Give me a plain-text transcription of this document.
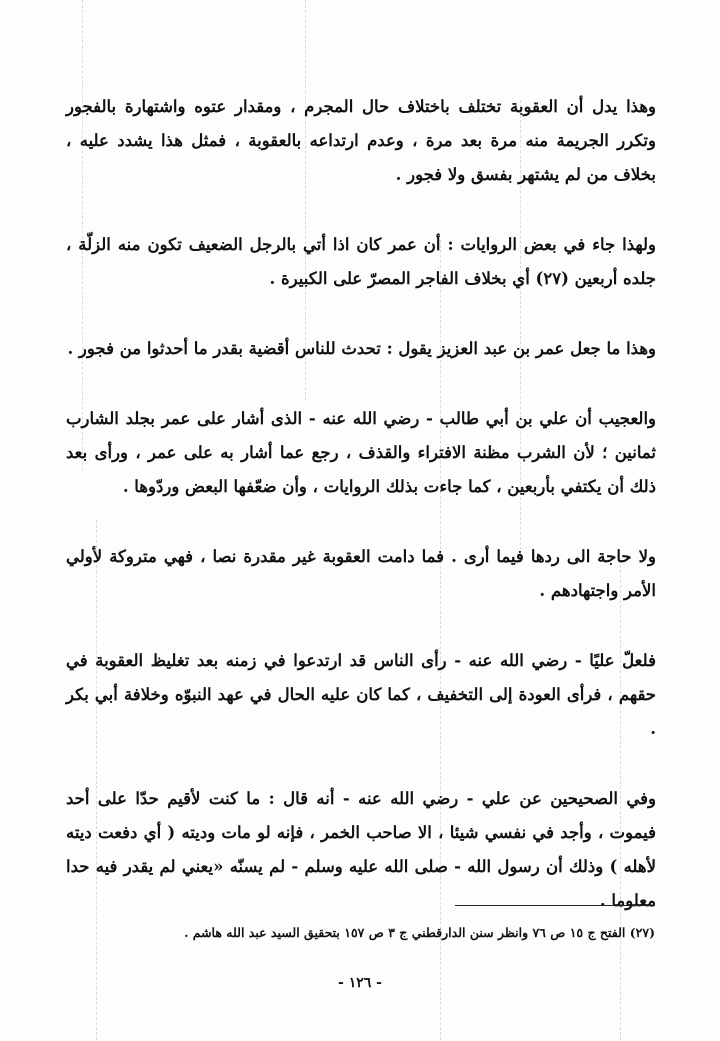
وهذا يدل أن العقوبة تختلف باختلاف حال المجرم ، ومقدار عتوه واشتهارة بالفجور وتكرر الجريمة منه مرة بعد مرة ، وعدم ارتداعه بالعقوبة ، فمثل هذا يشدد عليه ، بخلاف من لم يشتهر بفسق ولا فجور .

ولهذا جاء في بعض الروايات : أن عمر كان اذا أتي بالرجل الضعيف تكون منه الزلّة ، جلده أربعين (٢٧) أي بخلاف الفاجر المصرّ على الكبيرة .

وهذا ما جعل عمر بن عبد العزيز يقول : تحدث للناس أقضية بقدر ما أحدثوا من فجور .

والعجيب أن علي بن أبي طالب - رضي الله عنه - الذى أشار على عمر بجلد الشارب ثمانين ؛ لأن الشرب مظنة الافتراء والقذف ، رجع عما أشار به على عمر ، ورأى بعد ذلك أن يكتفي بأربعين ، كما جاءت بذلك الروايات ، وأن ضعّفها البعض وردّوها .

ولا حاجة الى ردها فيما أرى . فما دامت العقوبة غير مقدرة نصا ، فهي متروكة لأولي الأمر واجتهادهم .

فلعلّ عليًا - رضي الله عنه - رأى الناس قد ارتدعوا في زمنه بعد تغليظ العقوبة في حقهم ، فرأى العودة إلى التخفيف ، كما كان عليه الحال في عهد النبوّه وخلافة أبي بكر .

وفي الصحيحين عن علي - رضي الله عنه - أنه قال : ما كنت لأقيم حدّا على أحد فيموت ، وأجد في نفسي شيئا ، الا صاحب الخمر ، فإنه لو مات وديته ( أي دفعت ديته لأهله ) وذلك أن رسول الله - صلى الله عليه وسلم - لم يسنّه «يعني لم يقدر فيه حدا معلوما .

(٢٧) الفتح ج ١٥ ص ٧٦ وانظر سنن الدارقطني ج ٣ ص ١٥٧ بتحقيق السيد عبد الله هاشم .
- ١٢٦ -
